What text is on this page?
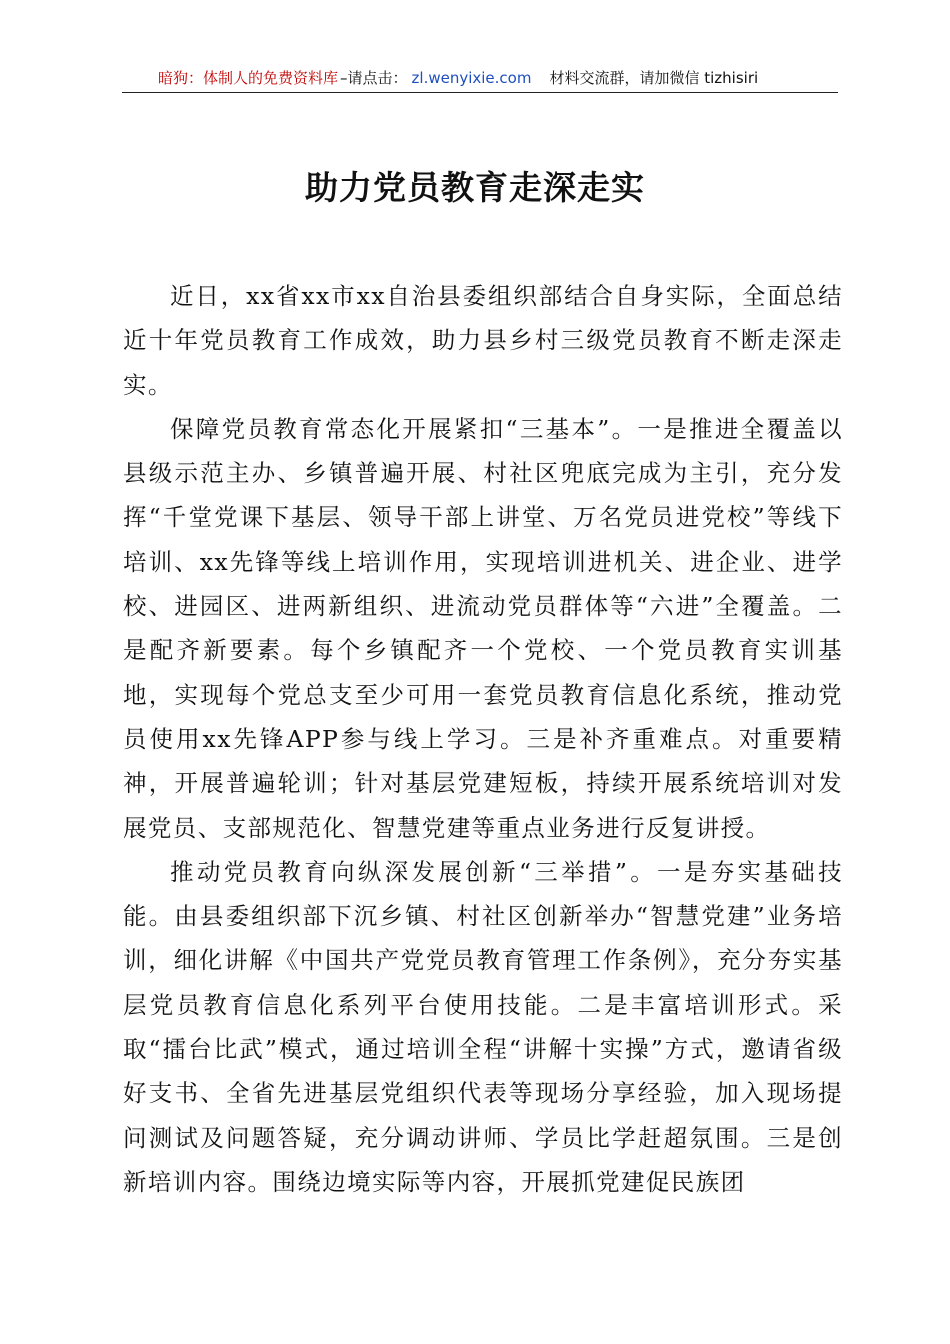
暗狗：体制人的免费资料库 –请点击： zl.wenyixie.com 材料交流群，请加微信 tizhisiri
助力党员教育走深走实

近日，xx省xx市xx自治县委组织部结合自身实际，全面总结近十年党员教育工作成效，助力县乡村三级党员教育不断走深走实。

保障党员教育常态化开展紧扣“三基本”。一是推进全覆盖以县级示范主办、乡镇普遍开展、村社区兜底完成为主引，充分发挥“千堂党课下基层、领导干部上讲堂、万名党员进党校”等线下培训、xx先锋等线上培训作用，实现培训进机关、进企业、进学校、进园区、进两新组织、进流动党员群体等“六进”全覆盖。二是配齐新要素。每个乡镇配齐一个党校、一个党员教育实训基地，实现每个党总支至少可用一套党员教育信息化系统，推动党员使用xx先锋APP参与线上学习。三是补齐重难点。对重要精神，开展普遍轮训；针对基层党建短板，持续开展系统培训对发展党员、支部规范化、智慧党建等重点业务进行反复讲授。

推动党员教育向纵深发展创新“三举措”。一是夯实基础技能。由县委组织部下沉乡镇、村社区创新举办“智慧党建”业务培训，细化讲解《中国共产党党员教育管理工作条例》，充分夯实基层党员教育信息化系列平台使用技能。二是丰富培训形式。采取“擂台比武”模式，通过培训全程“讲解十实操”方式，邀请省级好支书、全省先进基层党组织代表等现场分享经验，加入现场提问测试及问题答疑，充分调动讲师、学员比学赶超氛围。三是创新培训内容。围绕边境实际等内容，开展抓党建促民族团
